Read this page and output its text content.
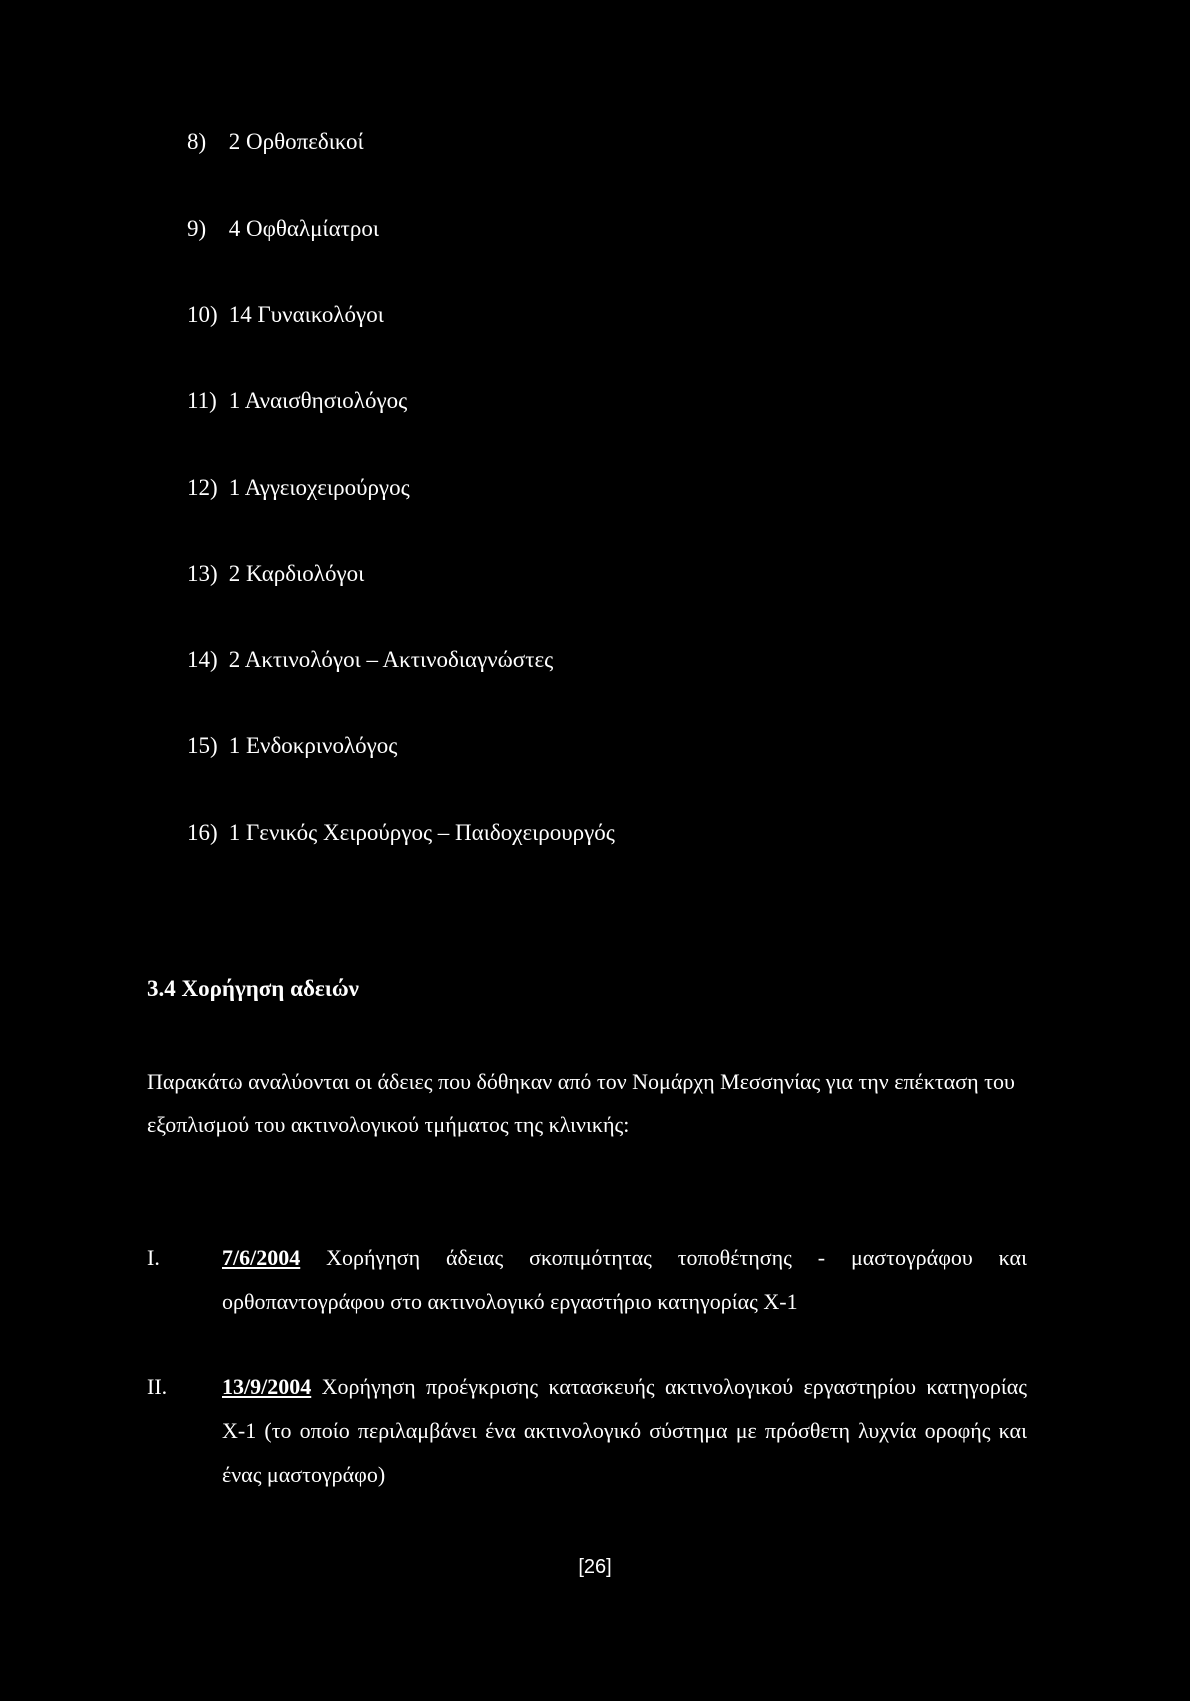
8) 2 Ορθοπεδικοί
9) 4 Οφθαλμίατροι
10) 14 Γυναικολόγοι
11) 1 Αναισθησιολόγος
12) 1 Αγγειοχειρούργος
13) 2 Καρδιολόγοι
14) 2 Ακτινολόγοι – Ακτινοδιαγνώστες
15) 1 Ενδοκρινολόγος
16) 1 Γενικός Χειρούργος – Παιδοχειρουργός
3.4 Χορήγηση αδειών
Παρακάτω αναλύονται οι άδειες που δόθηκαν από τον Νομάρχη Μεσσηνίας για την επέκταση του εξοπλισμού του ακτινολογικού τμήματος της κλινικής:
I.	7/6/2004 Χορήγηση άδειας σκοπιμότητας τοποθέτησης - μαστογράφου και ορθοπαντογράφου στο ακτινολογικό εργαστήριο κατηγορίας Χ-1
II. 13/9/2004 Χορήγηση προέγκρισης κατασκευής ακτινολογικού εργαστηρίου κατηγορίας Χ-1 (το οποίο περιλαμβάνει ένα ακτινολογικό σύστημα με πρόσθετη λυχνία οροφής και ένας μαστογράφο)
[26]
